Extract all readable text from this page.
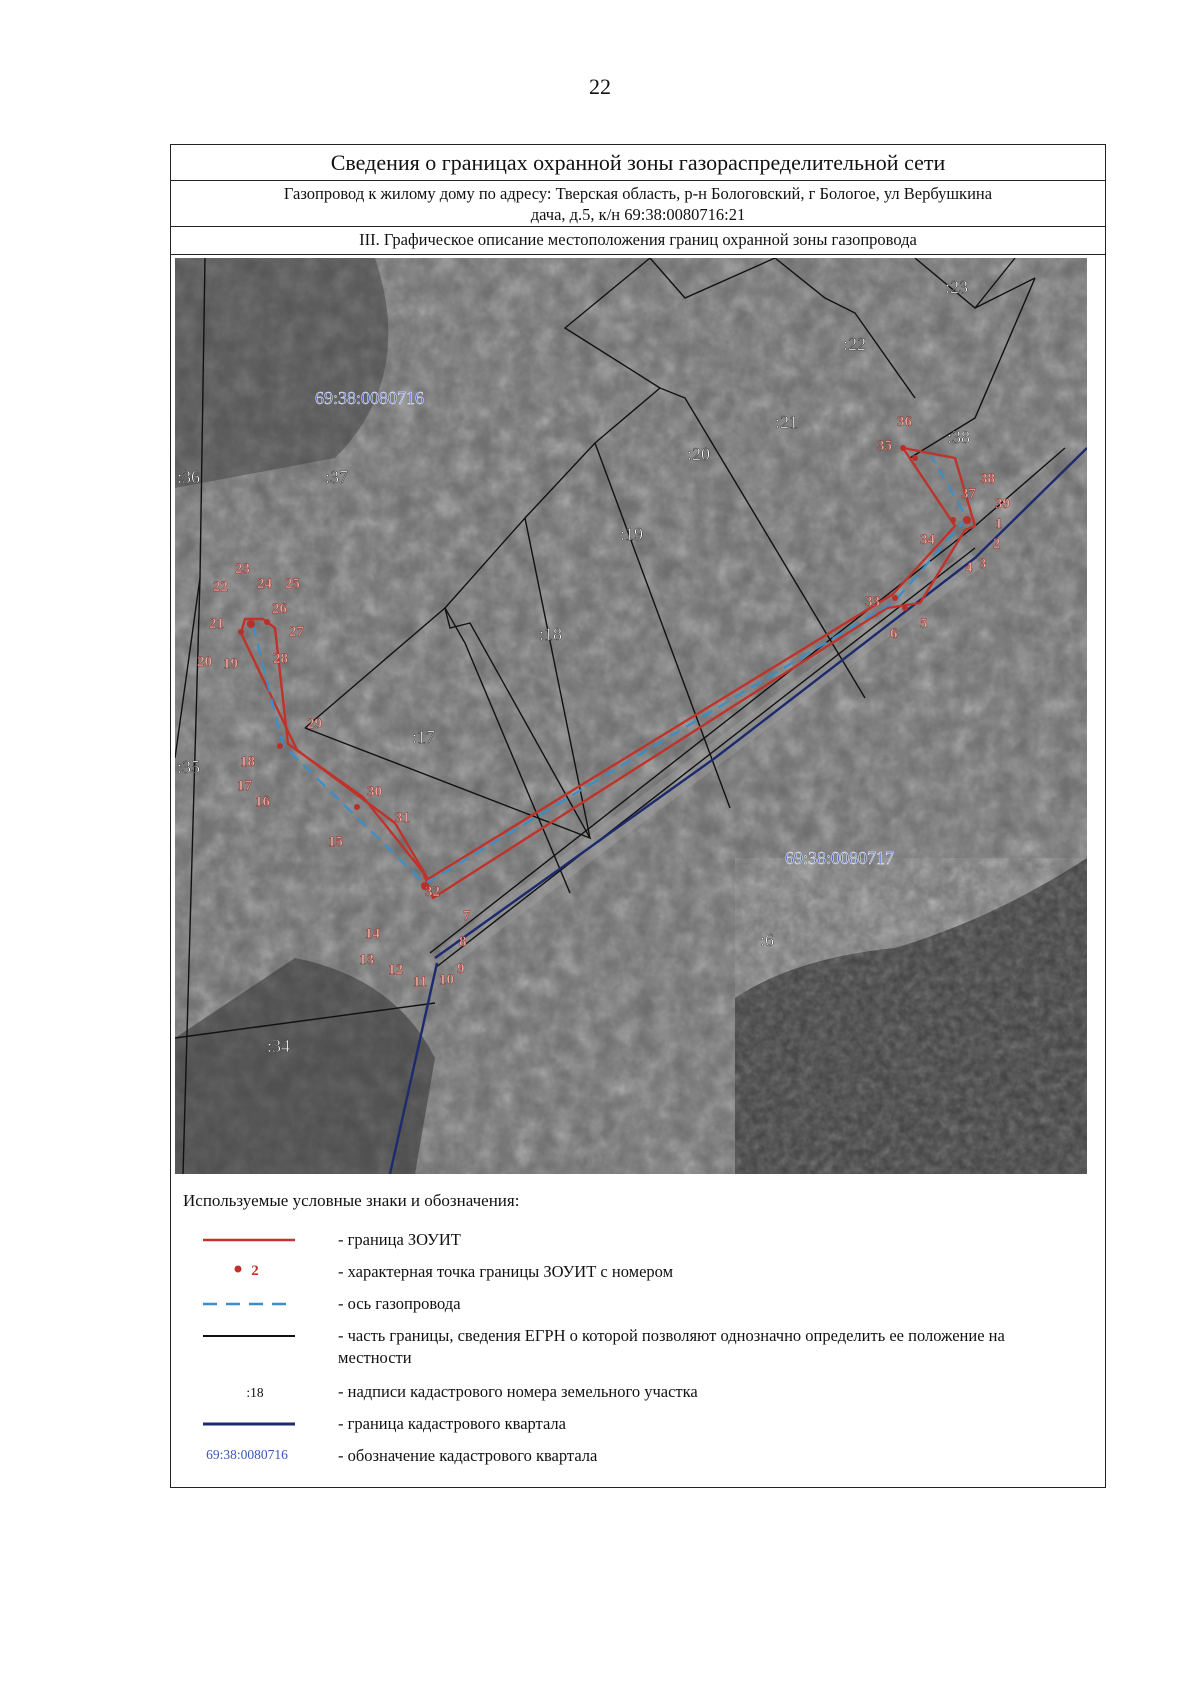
22
Сведения о границах охранной зоны газораспределительной сети
Газопровод к жилому дому по адресу: Тверская область, р-н Бологовский, г Бологое, ул Вербушкина
дача, д.5, к/н 69:38:0080716:21
III. Графическое описание местоположения границ охранной зоны газопровода
69:38:0080716
69:38:0080717
:23
:22
:21
:38
:20
:36	:37
:19
:18
:17
:35
:6
:34
1
2
3
4
5
6
7
8
9
10
11
12
13
14
15
16
17
18
19
20
21
22
23
24 25
26
27
28
29
30
31
32
33
34
35
36
37
38
39
Используемые условные знаки и обозначения:
- граница ЗОУИТ
2	- характерная точка границы ЗОУИТ с номером
- ось газопровода
- часть границы, сведения ЕГРН о которой позволяют однозначно определить ее положение на местности
:18	- надписи кадастрового номера земельного участка
- граница кадастрового квартала
69:38:0080716	- обозначение кадастрового квартала
